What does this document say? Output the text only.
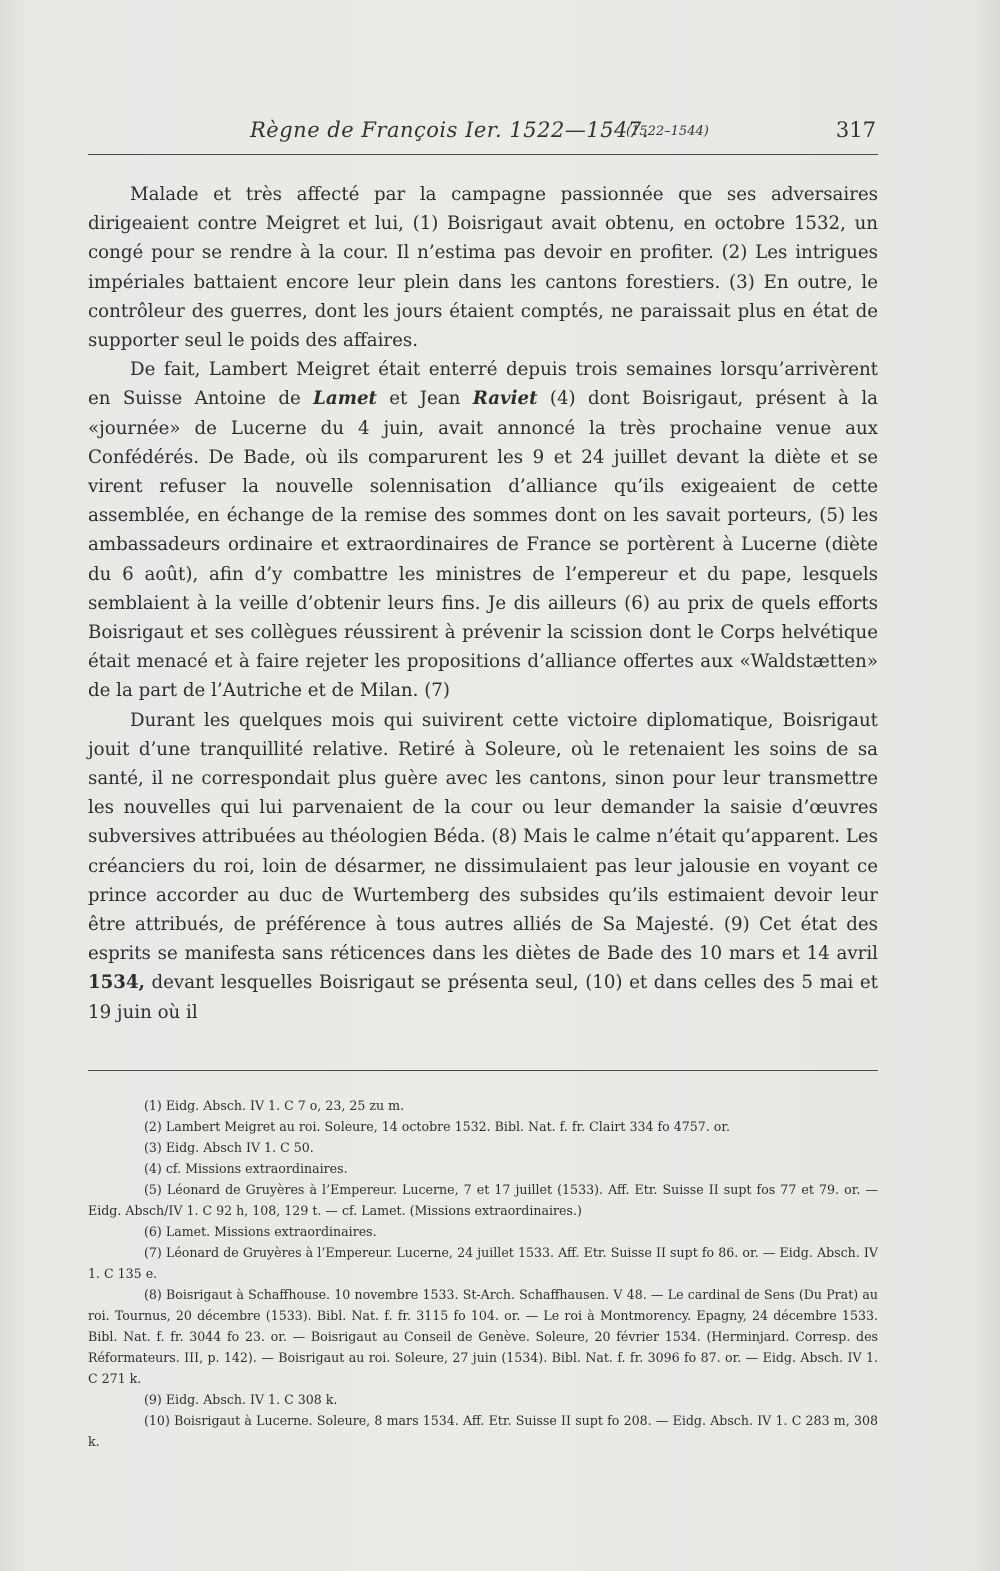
Règne de François Ier. 1522—1547.
(1522–1544)	317

Malade et très affecté par la campagne passionnée que ses adversaires dirigeaient contre Meigret et lui, (1) Boisrigaut avait obtenu, en octobre 1532, un congé pour se rendre à la cour. Il n’estima pas devoir en profiter. (2) Les intrigues impériales battaient encore leur plein dans les cantons forestiers. (3) En outre, le contrôleur des guerres, dont les jours étaient comptés, ne paraissait plus en état de supporter seul le poids des affaires.

De fait, Lambert Meigret était enterré depuis trois semaines lorsqu’arrivèrent en Suisse Antoine de Lamet et Jean Raviet (4) dont Boisrigaut, présent à la «journée» de Lucerne du 4 juin, avait annoncé la très prochaine venue aux Confédérés. De Bade, où ils comparurent les 9 et 24 juillet devant la diète et se virent refuser la nouvelle solennisation d’alliance qu’ils exigeaient de cette assemblée, en échange de la remise des sommes dont on les savait porteurs, (5) les ambassadeurs ordinaire et extraordinaires de France se portèrent à Lucerne (diète du 6 août), afin d’y combattre les ministres de l’empereur et du pape, lesquels semblaient à la veille d’obtenir leurs fins. Je dis ailleurs (6) au prix de quels efforts Boisrigaut et ses collègues réussirent à prévenir la scission dont le Corps helvétique était menacé et à faire rejeter les propositions d’alliance offertes aux «Waldstætten» de la part de l’Autriche et de Milan. (7)

Durant les quelques mois qui suivirent cette victoire diplomatique, Boisrigaut jouit d’une tranquillité relative. Retiré à Soleure, où le retenaient les soins de sa santé, il ne correspondait plus guère avec les cantons, sinon pour leur transmettre les nouvelles qui lui parvenaient de la cour ou leur demander la saisie d’œuvres subversives attribuées au théologien Béda. (8) Mais le calme n’était qu’apparent. Les créanciers du roi, loin de désarmer, ne dissimulaient pas leur jalousie en voyant ce prince accorder au duc de Wurtemberg des subsides qu’ils estimaient devoir leur être attribués, de préférence à tous autres alliés de Sa Majesté. (9) Cet état des esprits se manifesta sans réticences dans les diètes de Bade des 10 mars et 14 avril 1534, devant lesquelles Boisrigaut se présenta seul, (10) et dans celles des 5 mai et 19 juin où il

(1) Eidg. Absch. IV 1. C 7 o, 23, 25 zu m.

(2) Lambert Meigret au roi. Soleure, 14 octobre 1532. Bibl. Nat. f. fr. Clairt 334 fo 4757. or.

(3) Eidg. Absch IV 1. C 50.

(4) cf. Missions extraordinaires.

(5) Léonard de Gruyères à l’Empereur. Lucerne, 7 et 17 juillet (1533). Aff. Etr. Suisse II supt fos 77 et 79. or. — Eidg. Absch/IV 1. C 92 h, 108, 129 t. — cf. Lamet. (Missions extraordinaires.)

(6) Lamet. Missions extraordinaires.

(7) Léonard de Gruyères à l’Empereur. Lucerne, 24 juillet 1533. Aff. Etr. Suisse II supt fo 86. or. — Eidg. Absch. IV 1. C 135 e.

(8) Boisrigaut à Schaffhouse. 10 novembre 1533. St-Arch. Schaffhausen. V 48. — Le cardinal de Sens (Du Prat) au roi. Tournus, 20 décembre (1533). Bibl. Nat. f. fr. 3115 fo 104. or. — Le roi à Montmorency. Epagny, 24 décembre 1533. Bibl. Nat. f. fr. 3044 fo 23. or. — Boisrigaut au Conseil de Genève. Soleure, 20 février 1534. (Herminjard. Corresp. des Réformateurs. III, p. 142). — Boisrigaut au roi. Soleure, 27 juin (1534). Bibl. Nat. f. fr. 3096 fo 87. or. — Eidg. Absch. IV 1. C 271 k.

(9) Eidg. Absch. IV 1. C 308 k.

(10) Boisrigaut à Lucerne. Soleure, 8 mars 1534. Aff. Etr. Suisse II supt fo 208. — Eidg. Absch. IV 1. C 283 m, 308 k.
